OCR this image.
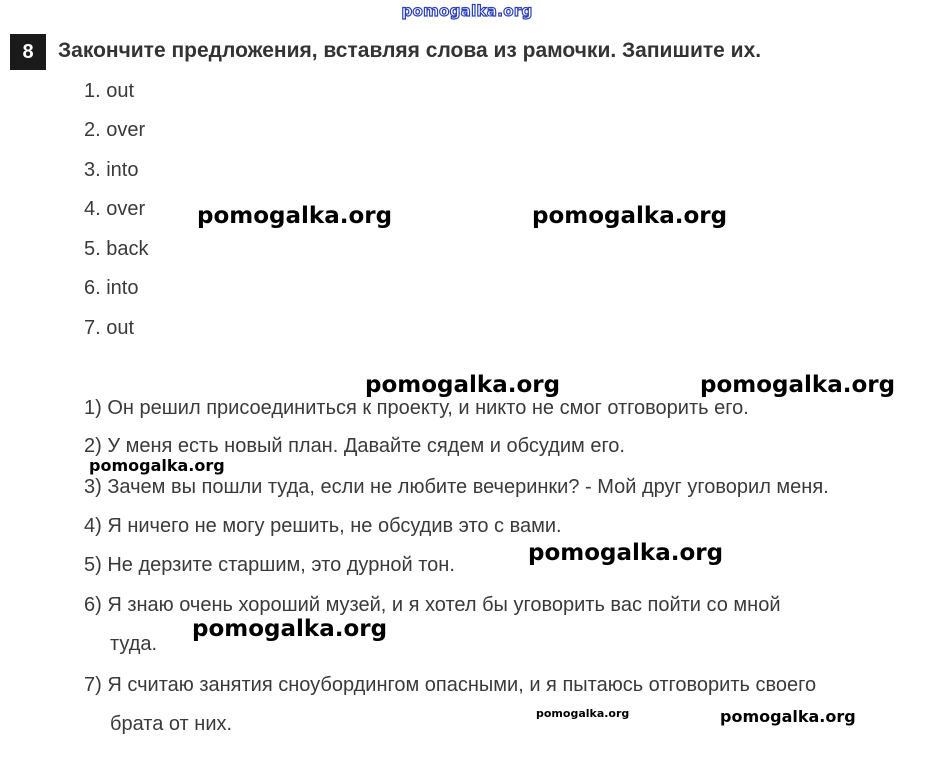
pomogalka.org
8	Закончите предложения, вставляя слова из рамочки. Запишите их.
1. out
2. over
3. into
4. over
5. back
6. into
7. out
1) Он решил присоединиться к проекту, и никто не смог отговорить его.
2) У меня есть новый план. Давайте сядем и обсудим его.
3) Зачем вы пошли туда, если не любите вечеринки? - Мой друг уговорил меня.
4) Я ничего не могу решить, не обсудив это с вами.
5) Не дерзите старшим, это дурной тон.
6) Я знаю очень хороший музей, и я хотел бы уговорить вас пойти со мной
туда.
7) Я считаю занятия сноубордингом опасными, и я пытаюсь отговорить своего
брата от них.
pomogalka.org	pomogalka.org
pomogalka.org	pomogalka.org
pomogalka.org
pomogalka.org
pomogalka.org
pomogalka.org	pomogalka.org
